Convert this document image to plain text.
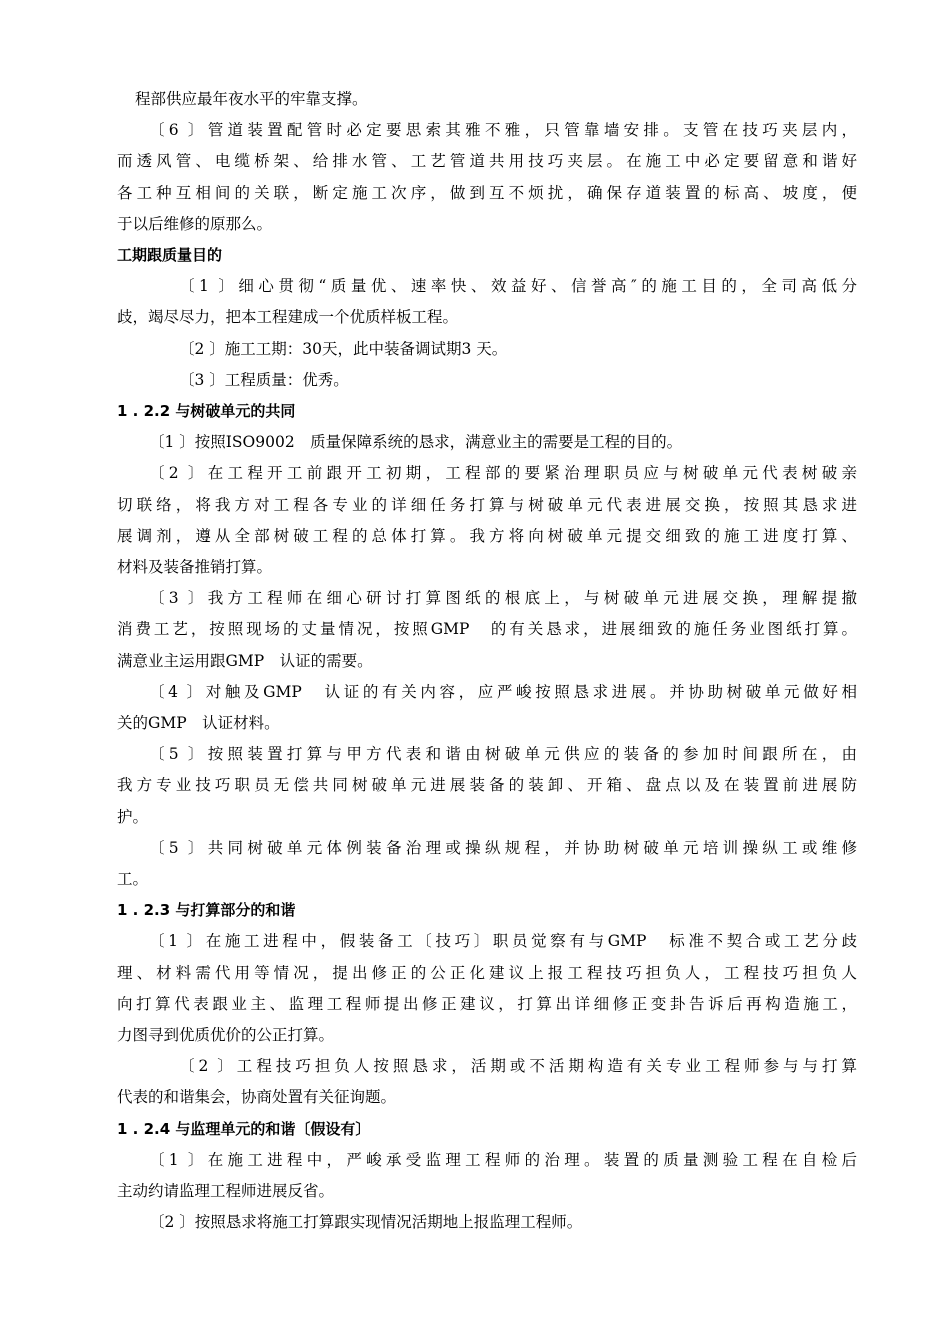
程部供应最年夜水平的牢靠支撑。
〔6 〕管道装置配管时必定要思索其雅不雅，只管靠墙安排。支管在技巧夹层内，
而透风管、电缆桥架、给排水管、工艺管道共用技巧夹层。在施工中必定要留意和谐好
各工种互相间的关联，断定施工次序，做到互不烦扰，确保存道装置的标高、坡度，便
于以后维修的原那么。
工期跟质量目的
〔1 〕细心贯彻“质量优、速率快、效益好、信誉高″的施工目的，全司高低分
歧，竭尽尽力，把本工程建成一个优质样板工程。
〔2 〕施工工期：30天，此中装备调试期3 天。
〔3 〕工程质量：优秀。
1 . 2.2 与树破单元的共同
〔1 〕按照ISO9002　质量保障系统的恳求，满意业主的需要是工程的目的。
〔2 〕在工程开工前跟开工初期，工程部的要紧治理职员应与树破单元代表树破亲
切联络，将我方对工程各专业的详细任务打算与树破单元代表进展交换，按照其恳求进
展调剂，遵从全部树破工程的总体打算。我方将向树破单元提交细致的施工进度打算、
材料及装备推销打算。
〔3 〕我方工程师在细心研讨打算图纸的根底上，与树破单元进展交换，理解提撤
消费工艺，按照现场的丈量情况，按照GMP　的有关恳求，进展细致的施任务业图纸打算。
满意业主运用跟GMP　认证的需要。
〔4 〕对触及GMP　认证的有关内容，应严峻按照恳求进展。并协助树破单元做好相
关的GMP　认证材料。
〔5 〕按照装置打算与甲方代表和谐由树破单元供应的装备的参加时间跟所在，由
我方专业技巧职员无偿共同树破单元进展装备的装卸、开箱、盘点以及在装置前进展防
护。
〔5 〕共同树破单元体例装备治理或操纵规程，并协助树破单元培训操纵工或维修
工。
1 . 2.3 与打算部分的和谐
〔1 〕在施工进程中，假装备工〔技巧〕职员觉察有与GMP　标准不契合或工艺分歧
理、材料需代用等情况，提出修正的公正化建议上报工程技巧担负人，工程技巧担负人
向打算代表跟业主、监理工程师提出修正建议，打算出详细修正变卦告诉后再构造施工，
力图寻到优质优价的公正打算。
〔2 〕工程技巧担负人按照恳求，活期或不活期构造有关专业工程师参与与打算
代表的和谐集会，协商处置有关征询题。
1 . 2.4 与监理单元的和谐〔假设有〕
〔1 〕在施工进程中，严峻承受监理工程师的治理。装置的质量测验工程在自检后
主动约请监理工程师进展反省。
〔2 〕按照恳求将施工打算跟实现情况活期地上报监理工程师。
